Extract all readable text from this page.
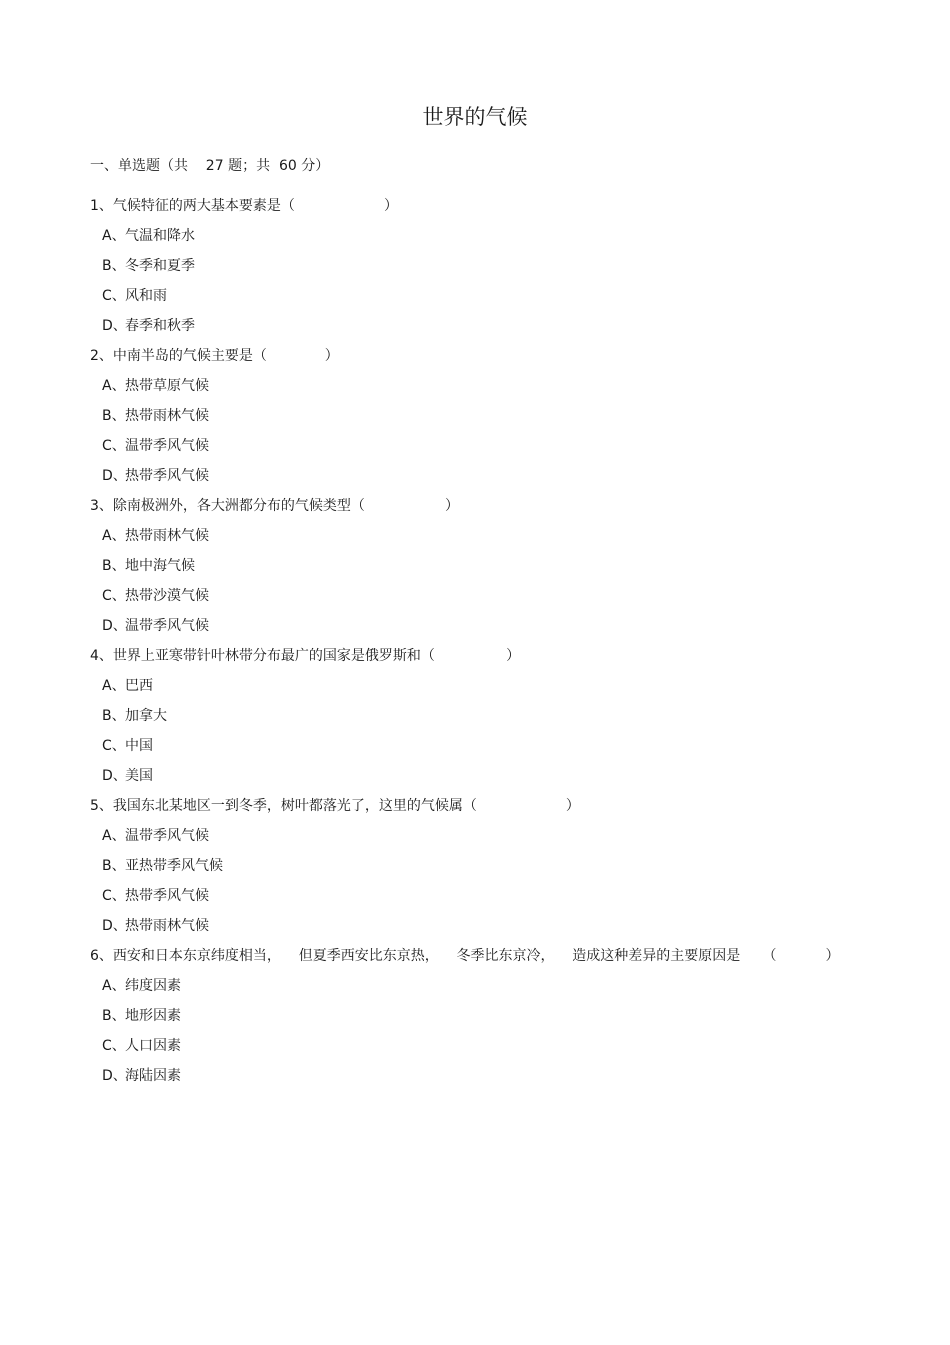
世界的气候
一、单选题（共    27 题；共  60 分）
1、气候特征的两大基本要素是（	）
A、气温和降水
B、冬季和夏季
C、风和雨
D、春季和秋季
2、中南半岛的气候主要是（	）
A、热带草原气候
B、热带雨林气候
C、温带季风气候
D、热带季风气候
3、除南极洲外，各大洲都分布的气候类型（	）
A、热带雨林气候
B、地中海气候
C、热带沙漠气候
D、温带季风气候
4、世界上亚寒带针叶林带分布最广的国家是俄罗斯和（	）
A、巴西
B、加拿大
C、中国
D、美国
5、我国东北某地区一到冬季，树叶都落光了，这里的气候属（	）
A、温带季风气候
B、亚热带季风气候
C、热带季风气候
D、热带雨林气候
6、西安和日本东京纬度相当，    但夏季西安比东京热，    冬季比东京冷，    造成这种差异的主要原因是     （	）
A、纬度因素
B、地形因素
C、人口因素
D、海陆因素
